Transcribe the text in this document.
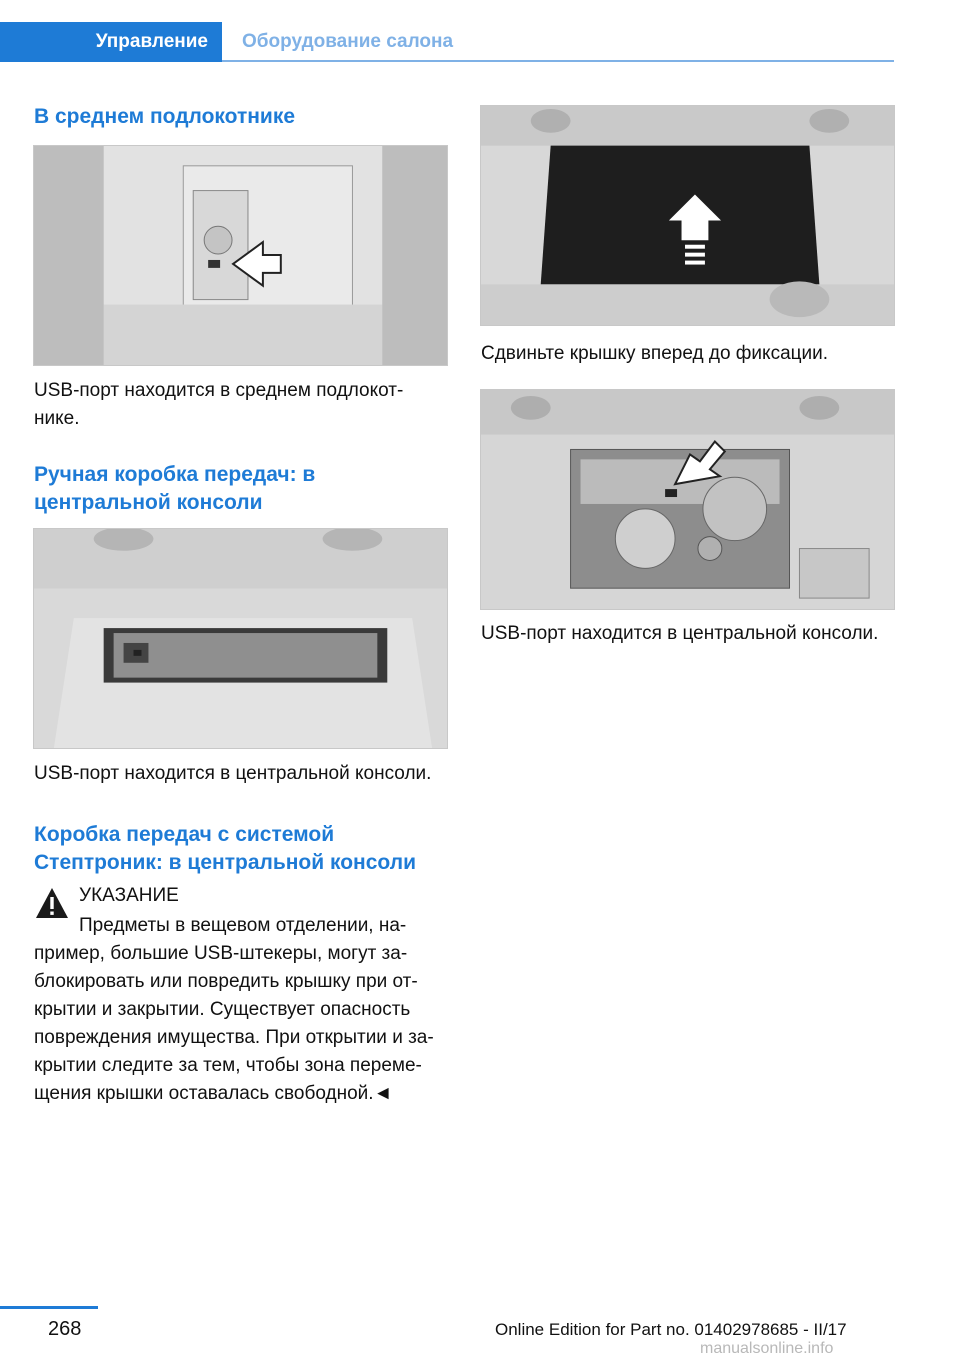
Управление	Оборудование салона
В среднем подлокотнике

USB-порт находится в среднем подлокот-нике.

Ручная коробка передач: в центральной консоли

USB-порт находится в центральной консоли.

Коробка передач с системой Стептроник: в центральной консоли

УКАЗАНИЕ

Предметы в вещевом отделении, на-пример, большие USB-штекеры, могут за-блокировать или повредить крышку при от-крытии и закрытии. Существует опасность повреждения имущества. При открытии и за-крытии следите за тем, чтобы зона переме-щения крышки оставалась свободной.◄

Сдвиньте крышку вперед до фиксации.

USB-порт находится в центральной консоли.

268	Online Edition for Part no. 01402978685 - II/17
manualsonline.info
